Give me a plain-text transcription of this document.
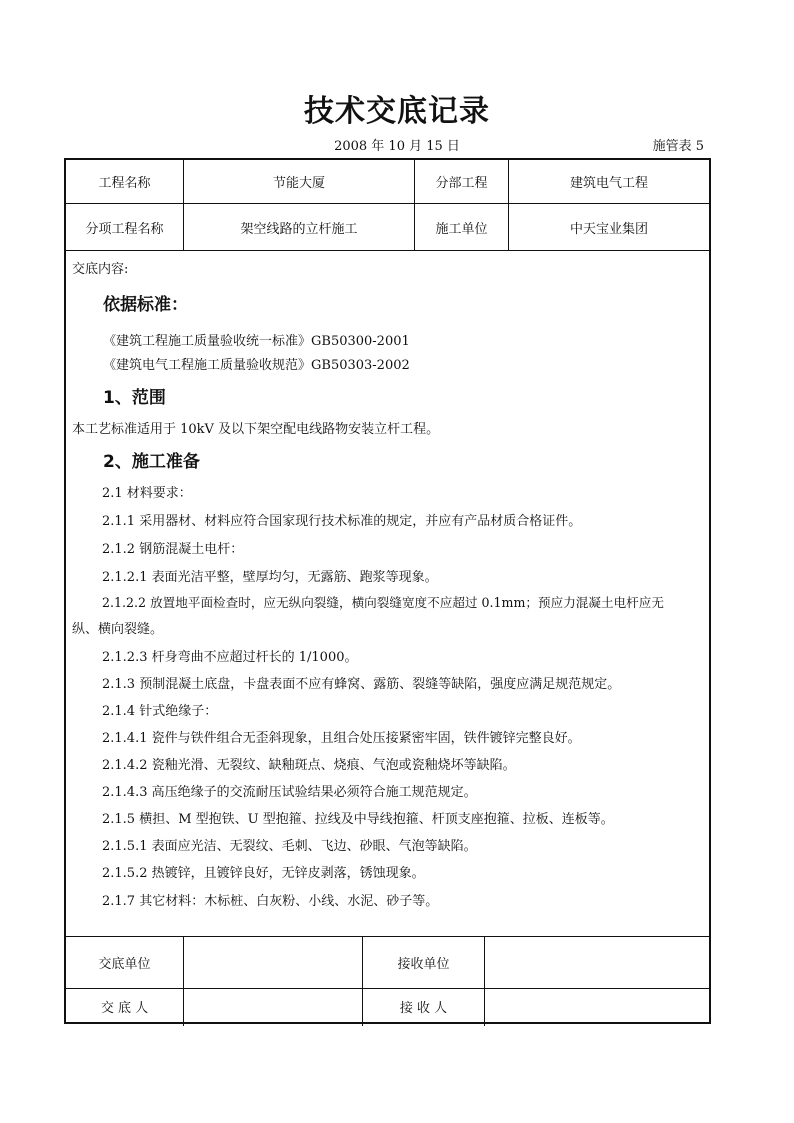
技术交底记录
2008 年 10 月 15 日	施管表 5
工程名称	节能大厦	分部工程	建筑电气工程
分项工程名称	架空线路的立杆施工	施工单位	中天宝业集团
交底内容:
依据标准：
《建筑工程施工质量验收统一标准》GB50300-2001
《建筑电气工程施工质量验收规范》GB50303-2002
1、范围
本工艺标准适用于 10kV 及以下架空配电线路物安装立杆工程。
2、施工准备
2.1 材料要求：
2.1.1 采用器材、材料应符合国家现行技术标准的规定，并应有产品材质合格证件。
2.1.2 钢筋混凝土电杆：
2.1.2.1 表面光洁平整，壁厚均匀，无露筋、跑浆等现象。
2.1.2.2 放置地平面检查时，应无纵向裂缝，横向裂缝宽度不应超过 0.1mm；预应力混凝土电杆应无
纵、横向裂缝。
2.1.2.3 杆身弯曲不应超过杆长的 1/1000。
2.1.3 预制混凝土底盘，卡盘表面不应有蜂窝、露筋、裂缝等缺陷，强度应满足规范规定。
2.1.4 针式绝缘子：
2.1.4.1 瓷件与铁件组合无歪斜现象，且组合处压接紧密牢固，铁件镀锌完整良好。
2.1.4.2 瓷釉光滑、无裂纹、缺釉斑点、烧痕、气泡或瓷釉烧坏等缺陷。
2.1.4.3 高压绝缘子的交流耐压试验结果必须符合施工规范规定。
2.1.5 横担、M 型抱铁、U 型抱箍、拉线及中导线抱箍、杆顶支座抱箍、拉板、连板等。
2.1.5.1 表面应光洁、无裂纹、毛刺、飞边、砂眼、气泡等缺陷。
2.1.5.2 热镀锌，且镀锌良好，无锌皮剥落，锈蚀现象。
2.1.7 其它材料：木标桩、白灰粉、小线、水泥、砂子等。
交底单位	接收单位
交 底 人	接 收 人
